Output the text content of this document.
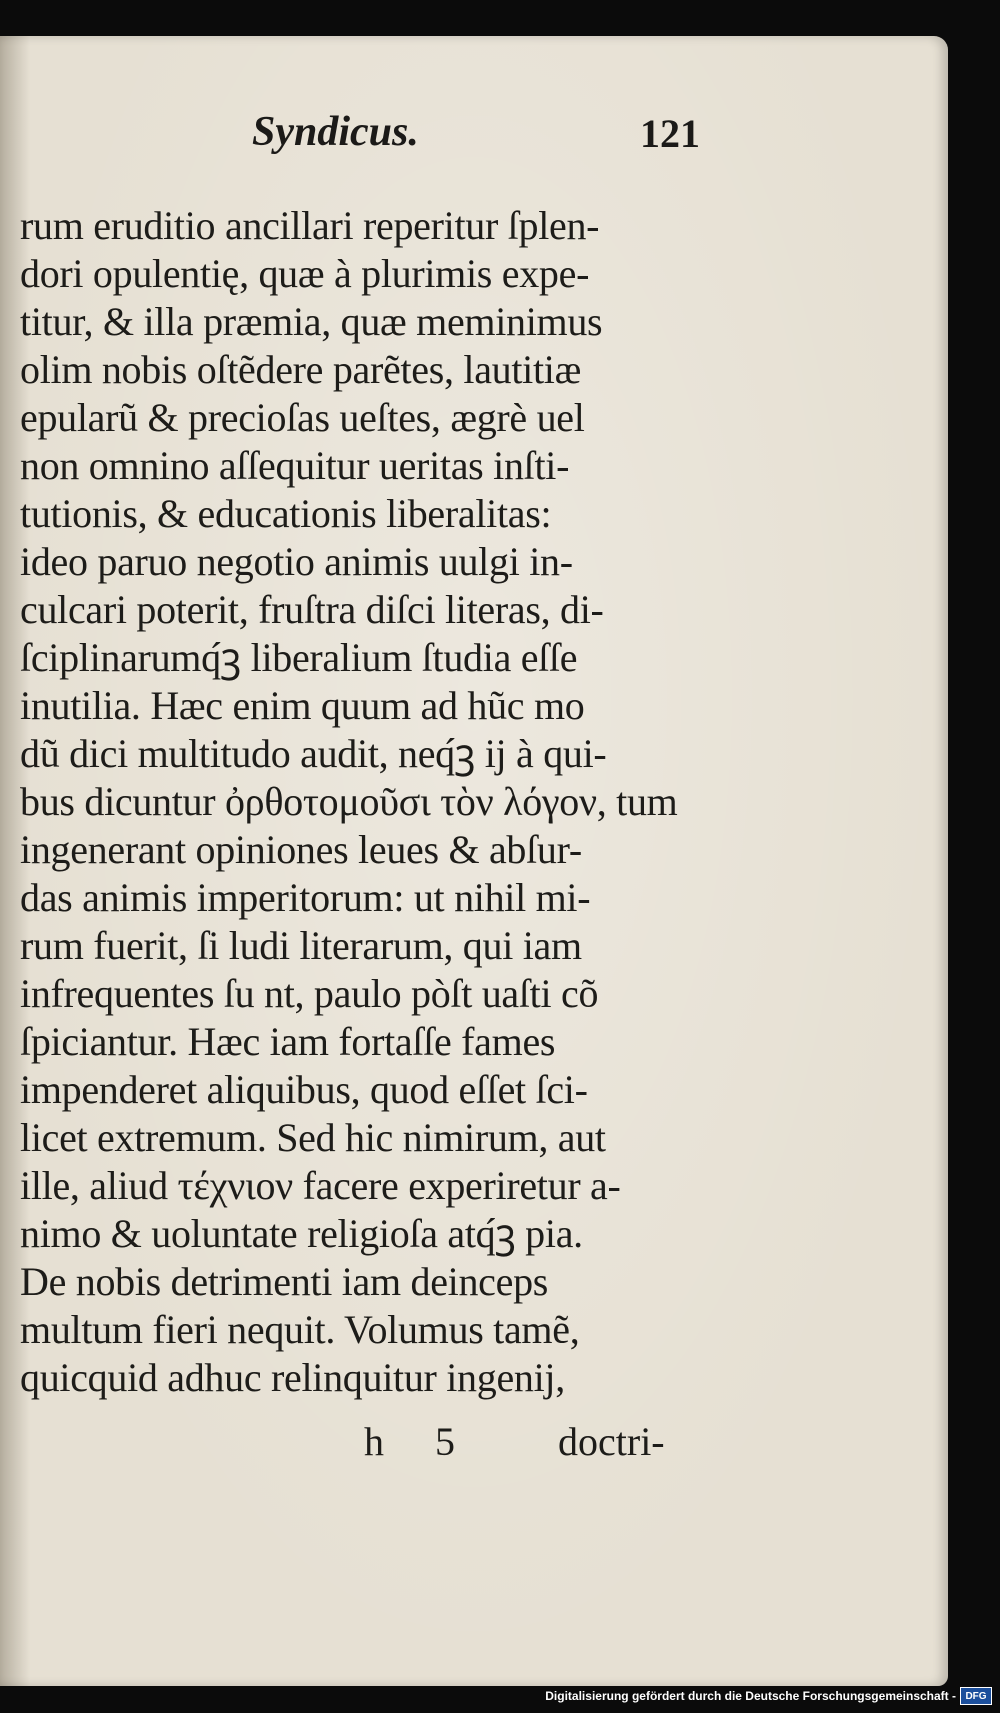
Syndicus.	121
rum eruditio ancillari reperitur ſplen-
dori opulentię, quæ à plurimis expe-
titur, & illa præmia, quæ meminimus
olim nobis oſtẽdere parẽtes, lautitiæ
epularũ & precioſas ueſtes, ægrè uel
non omnino aſſequitur ueritas inſti-
tutionis, & educationis liberalitas:
ideo paruo negotio animis uulgi in-
culcari poterit, fruſtra diſci literas, di-
ſciplinarumq́ꝫ liberalium ſtudia eſſe
inutilia. Hæc enim quum ad hũc mo
dũ dici multitudo audit, neq́ꝫ ij à qui-
bus dicuntur ὀρθοτομοῦσι τὸν λόγον, tum
ingenerant opiniones leues & abſur-
das animis imperitorum: ut nihil mi-
rum fuerit, ſi ludi literarum, qui iam
infrequentes ſu nt, paulo pòſt uaſti cõ
ſpiciantur. Hæc iam fortaſſe fames
impenderet aliquibus, quod eſſet ſci-
licet extremum. Sed hic nimirum, aut
ille, aliud τέχνιον facere experiretur a-
nimo & uoluntate religioſa atq́ꝫ pia.
De nobis detrimenti iam deinceps
multum fieri nequit. Volumus tamẽ,
quicquid adhuc relinquitur ingenij,
h 5	doctri-
Digitalisierung gefördert durch die Deutsche Forschungsgemeinschaft - DFG
